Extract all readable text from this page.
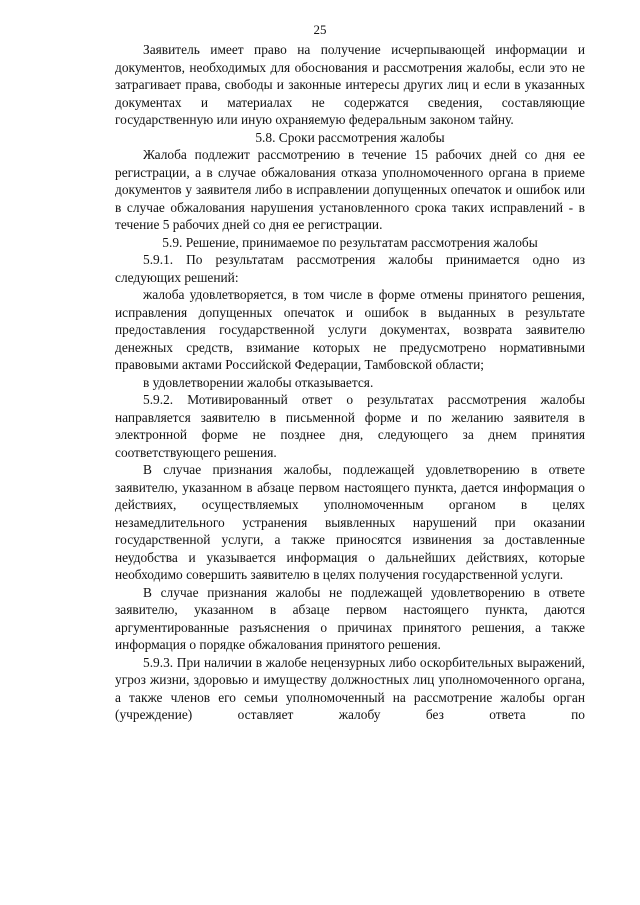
25

Заявитель имеет право на получение исчерпывающей информации и документов, необходимых для обоснования и рассмотрения жалобы, если это не затрагивает права, свободы и законные интересы других лиц и если в указанных документах и материалах не содержатся сведения, составляющие государственную или иную охраняемую федеральным законом тайну.

5.8. Сроки рассмотрения жалобы

Жалоба подлежит рассмотрению в течение 15 рабочих дней со дня ее регистрации, а в случае обжалования отказа уполномоченного органа в приеме документов у заявителя либо в исправлении допущенных опечаток и ошибок или в случае обжалования нарушения установленного срока таких исправлений - в течение 5 рабочих дней со дня ее регистрации.

5.9. Решение, принимаемое по результатам рассмотрения жалобы

5.9.1. По результатам рассмотрения жалобы принимается одно из следующих решений:

жалоба удовлетворяется, в том числе в форме отмены принятого решения, исправления допущенных опечаток и ошибок в выданных в результате предоставления государственной услуги документах, возврата заявителю денежных средств, взимание которых не предусмотрено нормативными правовыми актами Российской Федерации, Тамбовской области;

в удовлетворении жалобы отказывается.

5.9.2. Мотивированный ответ о результатах рассмотрения жалобы направляется заявителю в письменной форме и по желанию заявителя в электронной форме не позднее дня, следующего за днем принятия соответствующего решения.

В случае признания жалобы, подлежащей удовлетворению в ответе заявителю, указанном в абзаце первом настоящего пункта, дается информация о действиях, осуществляемых уполномоченным органом в целях незамедлительного устранения выявленных нарушений при оказании государственной услуги, а также приносятся извинения за доставленные неудобства и указывается информация о дальнейших действиях, которые необходимо совершить заявителю в целях получения государственной услуги.

В случае признания жалобы не подлежащей удовлетворению в ответе заявителю, указанном в абзаце первом настоящего пункта, даются аргументированные разъяснения о причинах принятого решения, а также информация о порядке обжалования принятого решения.

5.9.3. При наличии в жалобе нецензурных либо оскорбительных выражений, угроз жизни, здоровью и имуществу должностных лиц уполномоченного органа, а также членов его семьи уполномоченный на рассмотрение жалобы орган (учреждение) оставляет жалобу без ответа по
